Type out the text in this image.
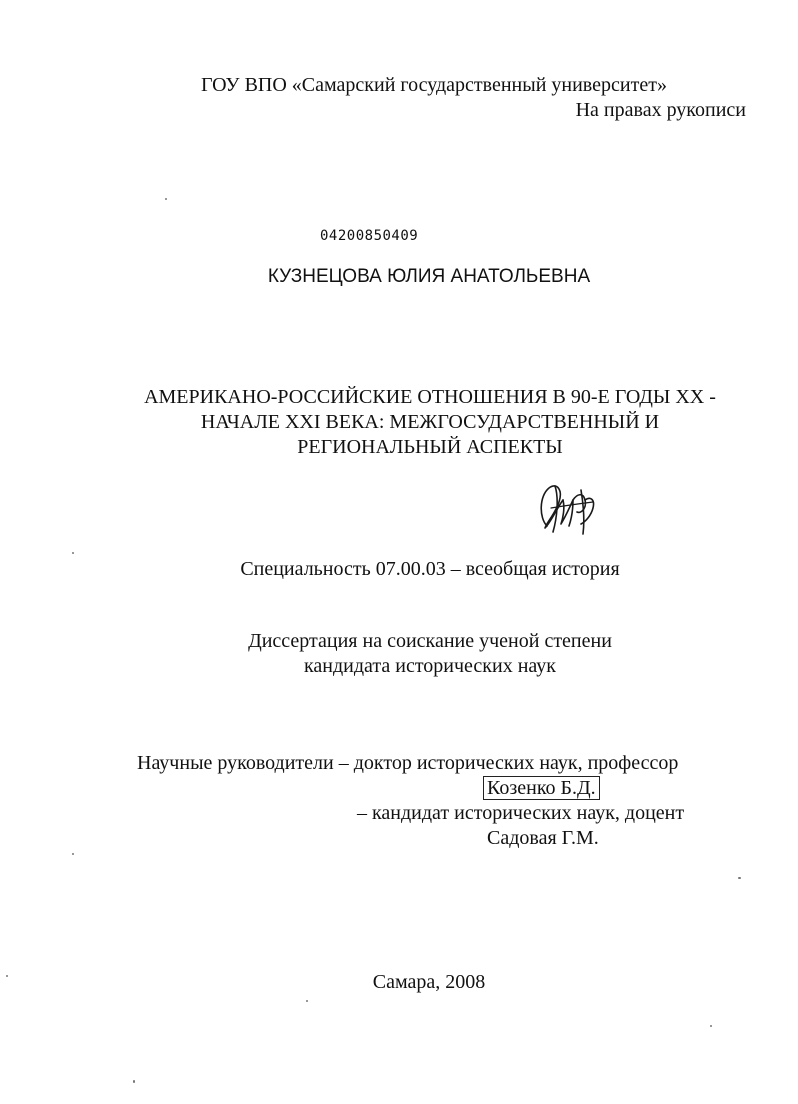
ГОУ ВПО «Самарский государственный университет»
На правах рукописи
04200850409
КУЗНЕЦОВА ЮЛИЯ АНАТОЛЬЕВНА
АМЕРИКАНО-РОССИЙСКИЕ ОТНОШЕНИЯ В 90-Е ГОДЫ XX -
НАЧАЛЕ XXI ВЕКА: МЕЖГОСУДАРСТВЕННЫЙ И
РЕГИОНАЛЬНЫЙ АСПЕКТЫ
Специальность 07.00.03 – всеобщая история
Диссертация на соискание ученой степени
кандидата исторических наук
Научные руководители – доктор исторических наук, профессор
Козенко Б.Д.
– кандидат исторических наук, доцент
Садовая Г.М.
Самара, 2008
